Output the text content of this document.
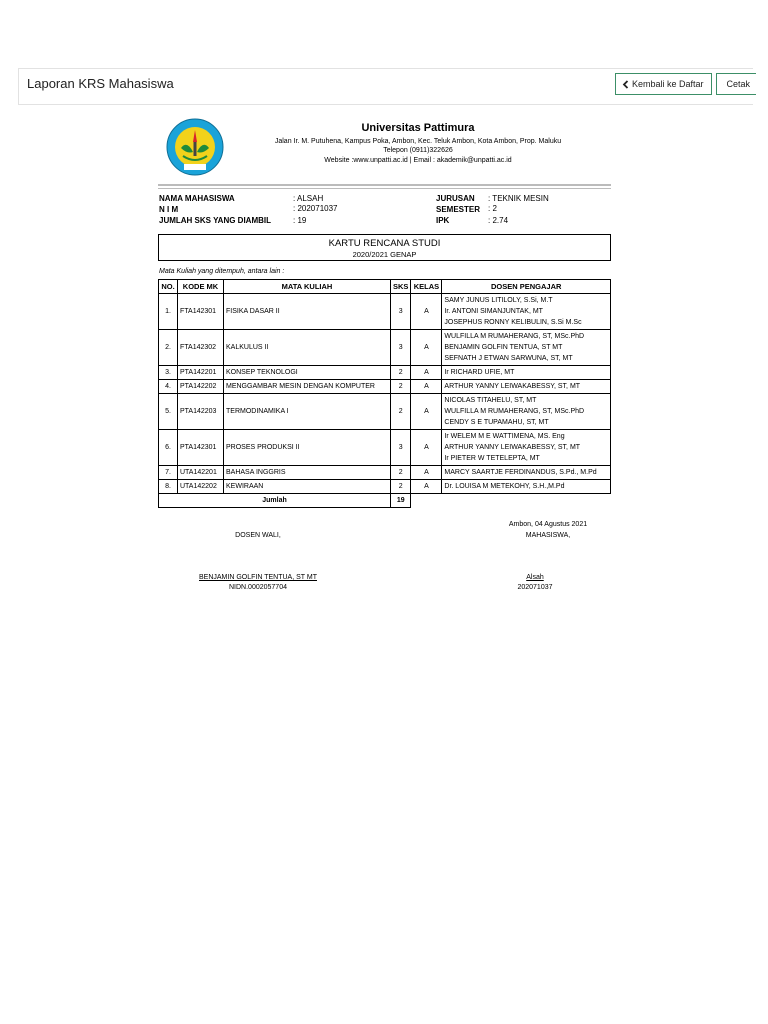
Laporan KRS Mahasiswa	Kembali ke Daftar	Cetak
Universitas Pattimura
Jalan Ir. M. Putuhena, Kampus Poka, Ambon, Kec. Teluk Ambon, Kota Ambon, Prop. Maluku
Telepon (0911)322626
Website :www.unpatti.ac.id | Email : akademik@unpatti.ac.id
NAMA MAHASISWA	: ALSAH
N I M	: 202071037
JUMLAH SKS YANG DIAMBIL	: 19
JURUSAN : TEKNIK MESIN
SEMESTER : 2
IPK	: 2.74
KARTU RENCANA STUDI
2020/2021 GENAP
Mata Kuliah yang ditempuh, antara lain :
NO.	KODE MK	MATA KULIAH	SKS	KELAS	DOSEN PENGAJAR
1.	FTA142301	FISIKA DASAR II	3	A	SAMY JUNUS LITILOLY, S.Si, M.T
Ir. ANTONI SIMANJUNTAK, MT
JOSEPHUS RONNY KELIBULIN, S.Si M.Sc

2.	FTA142302	KALKULUS II	3	A	WULFILLA M RUMAHERANG, ST, MSc.PhD
BENJAMIN GOLFIN TENTUA, ST MT
SEFNATH J ETWAN SARWUNA, ST, MT

3.	PTA142201	KONSEP TEKNOLOGI	2	A	Ir RICHARD UFIE, MT

4.	PTA142202	MENGGAMBAR MESIN DENGAN KOMPUTER	2	A	ARTHUR YANNY LEIWAKABESSY, ST, MT

5.	PTA142203	TERMODINAMIKA I	2	A	NICOLAS TITAHELU, ST, MT
WULFILLA M RUMAHERANG, ST, MSc.PhD
CENDY S E TUPAMAHU, ST, MT

6.	PTA142301	PROSES PRODUKSI II	3	A	Ir WELEM M E WATTIMENA, MS. Eng
ARTHUR YANNY LEIWAKABESSY, ST, MT
Ir PIETER W TETELEPTA, MT

7.	UTA142201	BAHASA INGGRIS	2	A	MARCY SAARTJE FERDINANDUS, S.Pd., M.Pd

8.	UTA142202	KEWIRAAN	2	A	Dr. LOUISA M METEKOHY, S.H.,M.Pd

Jumlah			19		
Ambon, 04 Agustus 2021
DOSEN WALI,	MAHASISWA,
BENJAMIN GOLFIN TENTUA, ST MT
NIDN.0002057704
Alsah
202071037
